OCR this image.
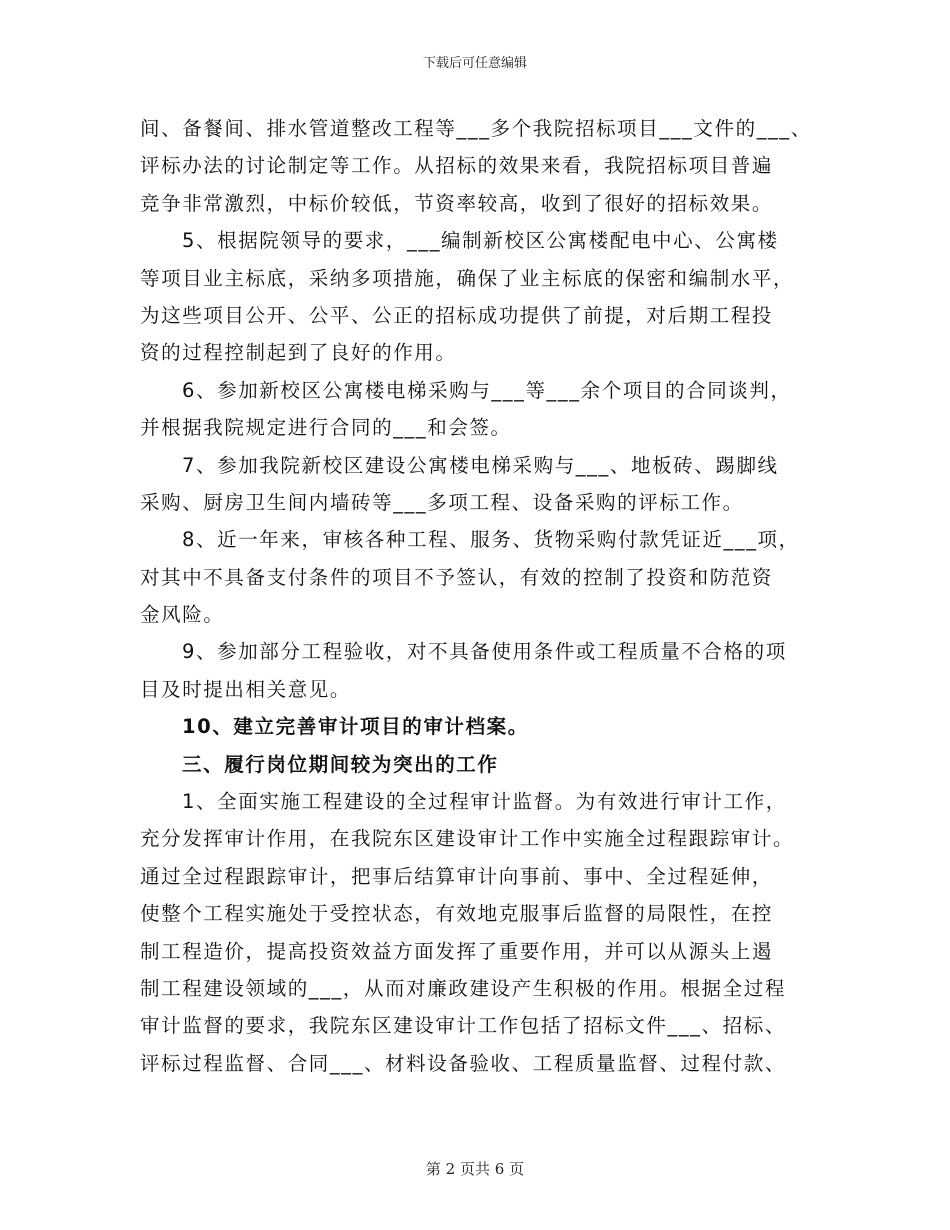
下载后可任意编辑
间、备餐间、排水管道整改工程等___多个我院招标项目___文件的___、
评标办法的讨论制定等工作。从招标的效果来看，我院招标项目普遍
竞争非常激烈，中标价较低，节资率较高，收到了很好的招标效果。
5、根据院领导的要求，___编制新校区公寓楼配电中心、公寓楼
等项目业主标底，采纳多项措施，确保了业主标底的保密和编制水平，
为这些项目公开、公平、公正的招标成功提供了前提，对后期工程投
资的过程控制起到了良好的作用。
6、参加新校区公寓楼电梯采购与___等___余个项目的合同谈判，
并根据我院规定进行合同的___和会签。
7、参加我院新校区建设公寓楼电梯采购与___、地板砖、踢脚线
采购、厨房卫生间内墙砖等___多项工程、设备采购的评标工作。
8、近一年来，审核各种工程、服务、货物采购付款凭证近___项，
对其中不具备支付条件的项目不予签认，有效的控制了投资和防范资
金风险。
9、参加部分工程验收，对不具备使用条件或工程质量不合格的项
目及时提出相关意见。
10、建立完善审计项目的审计档案。
三、履行岗位期间较为突出的工作
1、全面实施工程建设的全过程审计监督。为有效进行审计工作，
充分发挥审计作用，在我院东区建设审计工作中实施全过程跟踪审计。
通过全过程跟踪审计，把事后结算审计向事前、事中、全过程延伸，
使整个工程实施处于受控状态，有效地克服事后监督的局限性，在控
制工程造价，提高投资效益方面发挥了重要作用，并可以从源头上遏
制工程建设领域的___，从而对廉政建设产生积极的作用。根据全过程
审计监督的要求，我院东区建设审计工作包括了招标文件___、招标、
评标过程监督、合同___、材料设备验收、工程质量监督、过程付款、
第 2 页共 6 页
